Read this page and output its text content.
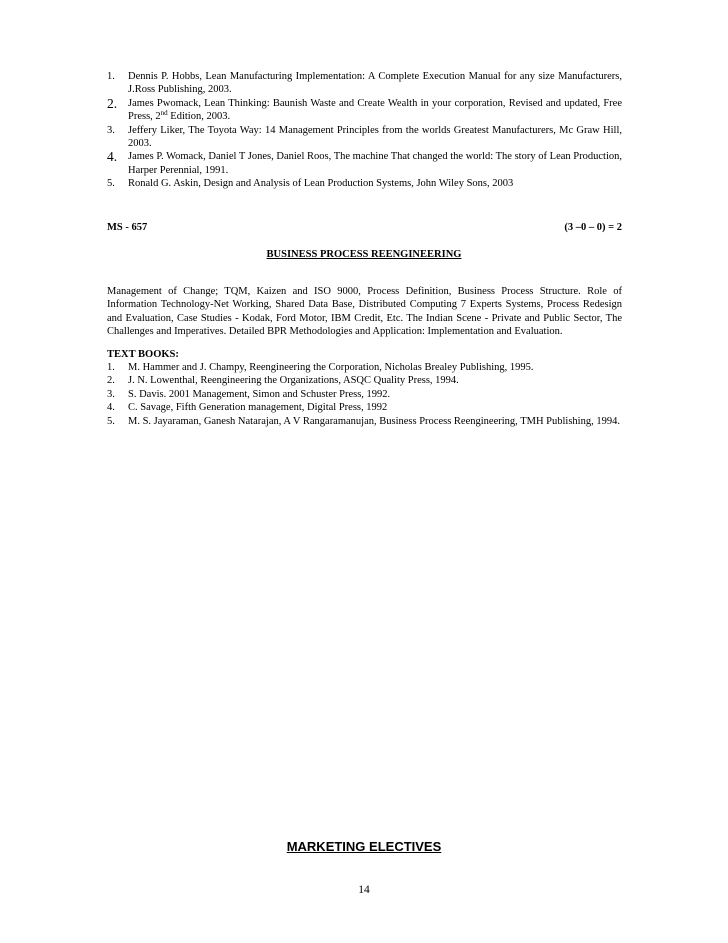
1.	Dennis P. Hobbs, Lean Manufacturing Implementation: A Complete Execution Manual for any size Manufacturers, J.Ross Publishing, 2003.
2.	James Pwomack, Lean Thinking: Baunish Waste and Create Wealth in your corporation, Revised and updated, Free Press, 2nd Edition, 2003.
3.	Jeffery Liker, The Toyota Way: 14 Management Principles from the worlds Greatest Manufacturers, Mc Graw Hill, 2003.
4.	James P. Womack, Daniel T Jones, Daniel Roos, The machine That changed the world: The story of Lean Production, Harper Perennial, 1991.
5.	Ronald G. Askin, Design and Analysis of Lean Production Systems, John Wiley Sons, 2003
MS - 657	(3 –0 – 0) = 2
BUSINESS PROCESS REENGINEERING
Management of Change; TQM, Kaizen and ISO 9000, Process Definition, Business Process Structure. Role of Information Technology-Net Working, Shared Data Base, Distributed Computing 7 Experts Systems, Process Redesign and Evaluation, Case Studies - Kodak, Ford Motor, IBM Credit, Etc. The Indian Scene - Private and Public Sector, The Challenges and Imperatives. Detailed BPR Methodologies and Application: Implementation and Evaluation.
TEXT BOOKS:
1.	M. Hammer and J. Champy, Reengineering the Corporation, Nicholas Brealey Publishing, 1995.
2.	J. N. Lowenthal, Reengineering the Organizations, ASQC Quality Press, 1994.
3.	S. Davis. 2001 Management, Simon and Schuster Press, 1992.
4.	C. Savage, Fifth Generation management, Digital Press, 1992
5.	M. S. Jayaraman, Ganesh Natarajan, A V Rangaramanujan, Business Process Reengineering, TMH Publishing, 1994.
MARKETING ELECTIVES
14
